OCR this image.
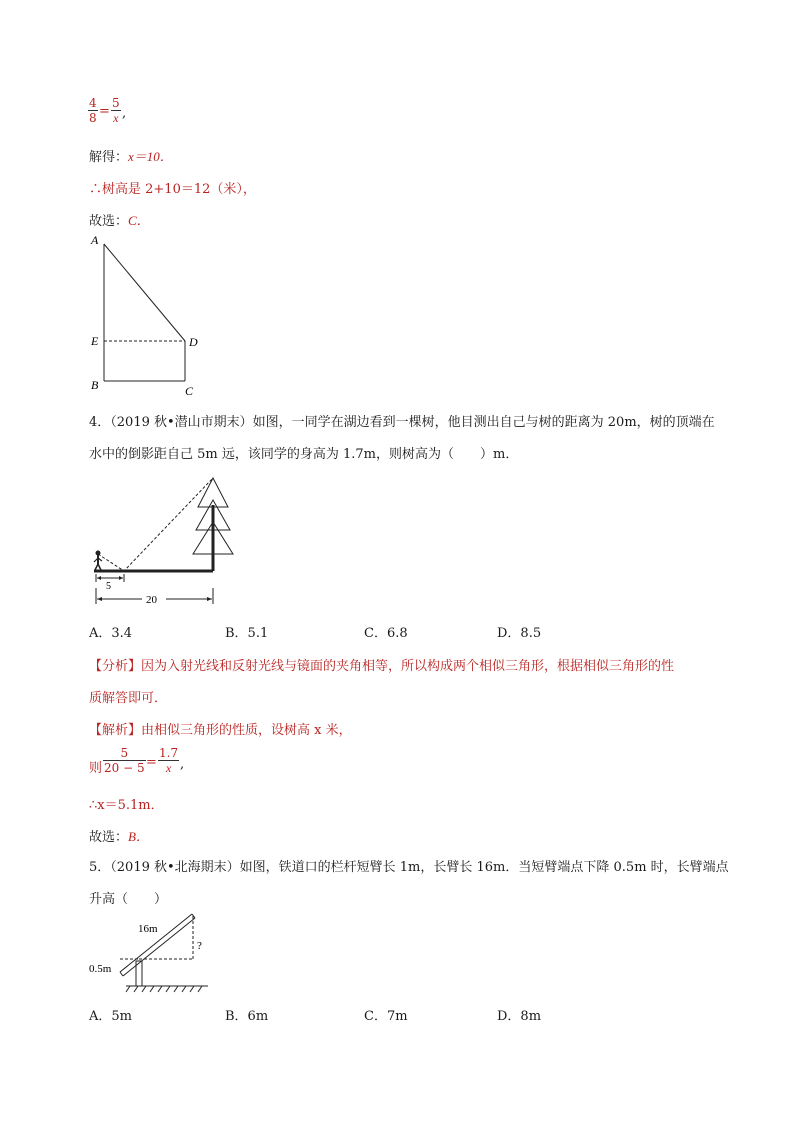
$\frac{4}{8} = \frac{5}{x}$ ,
解得：x＝10．
∴树高是 2+10＝12（米），
故选：C．
A
E
B
D
C
4．（2019 秋•潜山市期末）如图，一同学在湖边看到一棵树，他目测出自己与树的距离为 20m，树的顶端在
水中的倒影距自己 5m 远，该同学的身高为 1.7m，则树高为（　　）m．
5
20
A．3.4	B．5.1	C．6.8	D．8.5
【分析】因为入射光线和反射光线与镜面的夹角相等，所以构成两个相似三角形，根据相似三角形的性
质解答即可．
【解析】由相似三角形的性质，设树高 x 米，
则 $\frac{5}{20 - 5} = \frac{1.7}{x}$ ,
∴x＝5.1m．
故选：B．
5．（2019 秋•北海期末）如图，铁道口的栏杆短臂长 1m，长臂长 16m．当短臂端点下降 0.5m 时，长臂端点
升高（　　）
16m
0.5m
?
A．5m	B．6m	C．7m	D．8m
